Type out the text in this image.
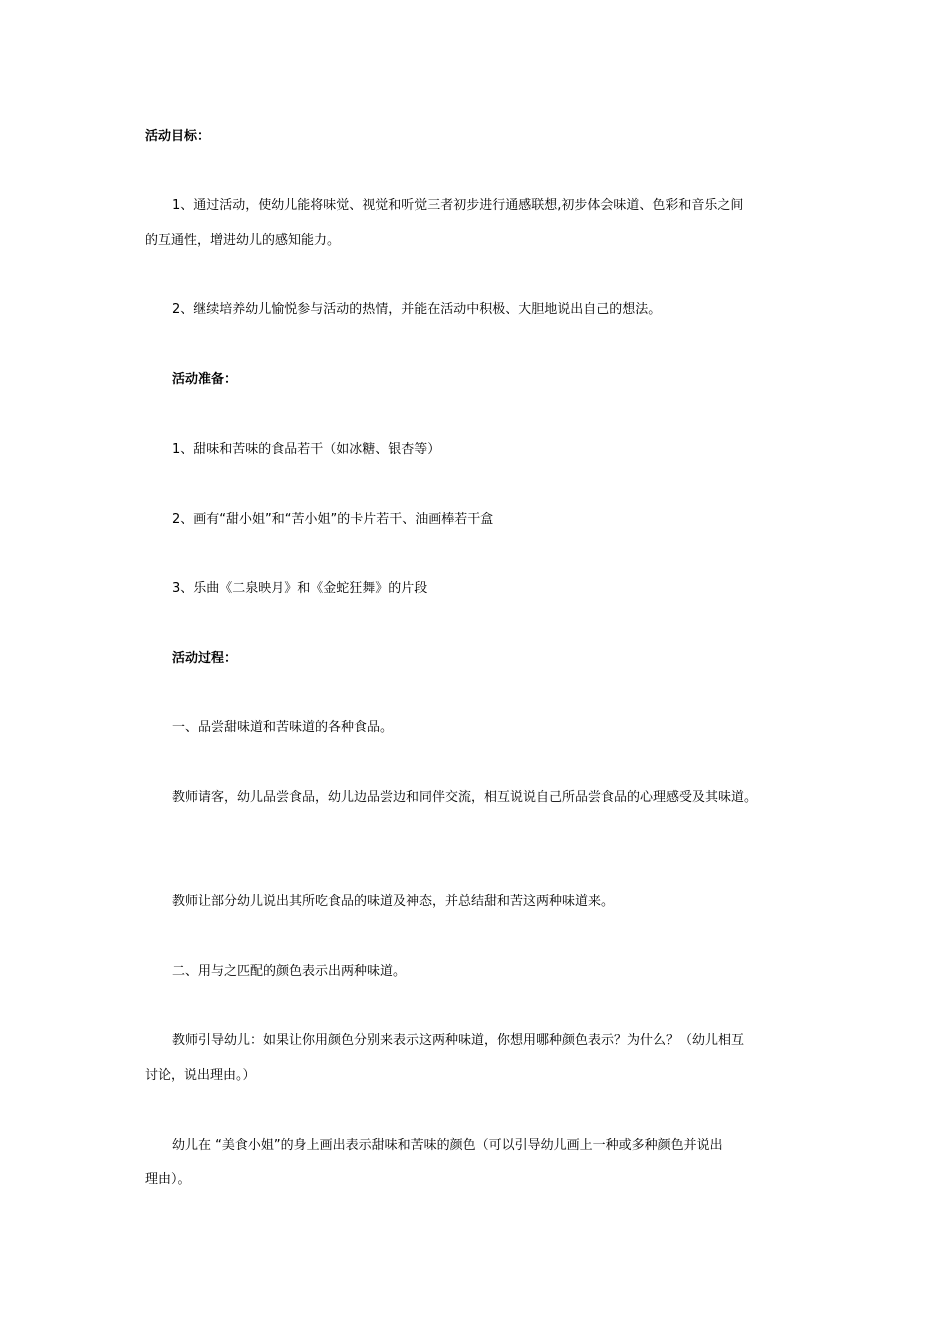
活动目标：
1、通过活动，使幼儿能将味觉、视觉和听觉三者初步进行通感联想,初步体会味道、色彩和音乐之间
的互通性，增进幼儿的感知能力。
2、继续培养幼儿愉悦参与活动的热情，并能在活动中积极、大胆地说出自己的想法。
活动准备：
1、甜味和苦味的食品若干（如冰糖、银杏等）
2、画有“甜小姐”和“苦小姐”的卡片若干、油画棒若干盒
3、乐曲《二泉映月》和《金蛇狂舞》的片段
活动过程：
一、品尝甜味道和苦味道的各种食品。
教师请客，幼儿品尝食品，幼儿边品尝边和同伴交流，相互说说自己所品尝食品的心理感受及其味道。
教师让部分幼儿说出其所吃食品的味道及神态，并总结甜和苦这两种味道来。
二、用与之匹配的颜色表示出两种味道。
教师引导幼儿：如果让你用颜色分别来表示这两种味道，你想用哪种颜色表示？为什么？（幼儿相互
讨论，说出理由。）
幼儿在 “美食小姐”的身上画出表示甜味和苦味的颜色（可以引导幼儿画上一种或多种颜色并说出
理由）。
